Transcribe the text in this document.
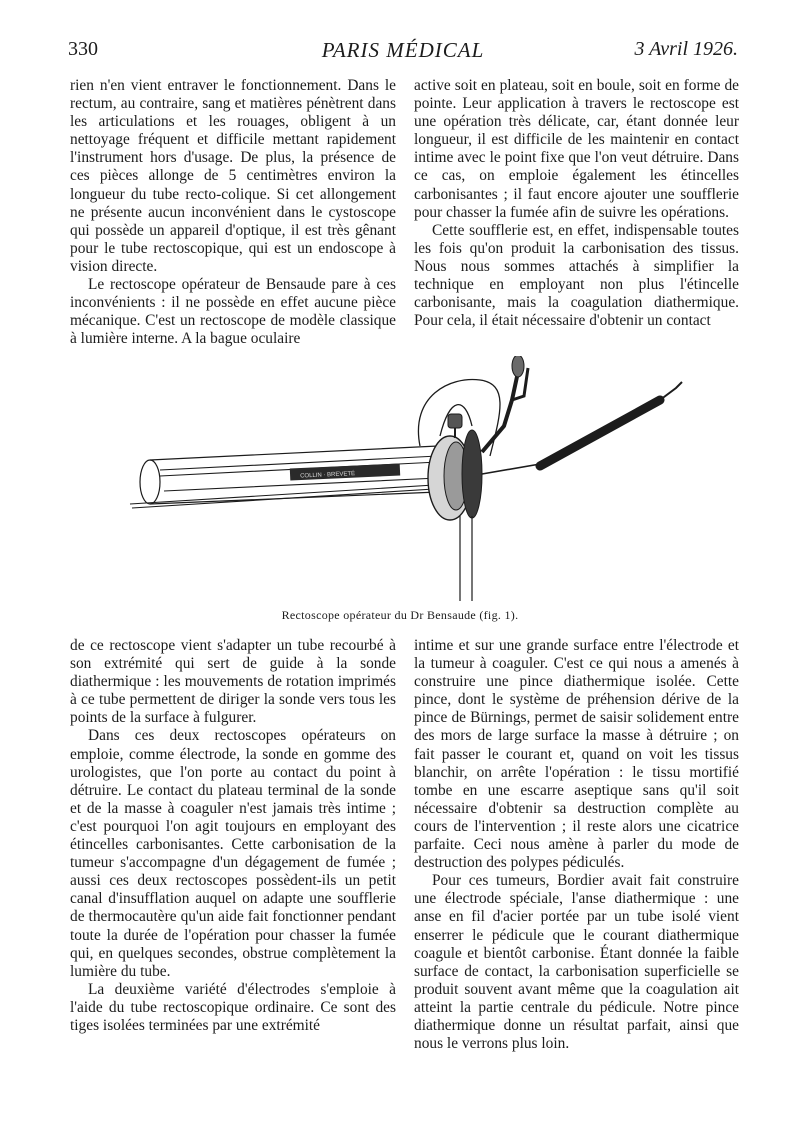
330	PARIS MÉDICAL	3 Avril 1926.

rien n'en vient entraver le fonctionnement. Dans le rectum, au contraire, sang et matières pénètrent dans les articulations et les rouages, obligent à un nettoyage fréquent et difficile mettant rapidement l'instrument hors d'usage. De plus, la présence de ces pièces allonge de 5 centimètres environ la longueur du tube recto-colique. Si cet allongement ne présente aucun inconvénient dans le cystoscope qui possède un appareil d'optique, il est très gênant pour le tube rectoscopique, qui est un endoscope à vision directe.

Le rectoscope opérateur de Bensaude pare à ces inconvénients : il ne possède en effet aucune pièce mécanique. C'est un rectoscope de modèle classique à lumière interne. A la bague oculaire

active soit en plateau, soit en boule, soit en forme de pointe. Leur application à travers le rectoscope est une opération très délicate, car, étant donnée leur longueur, il est difficile de les maintenir en contact intime avec le point fixe que l'on veut détruire. Dans ce cas, on emploie également les étincelles carbonisantes ; il faut encore ajouter une soufflerie pour chasser la fumée afin de suivre les opérations.

Cette soufflerie est, en effet, indispensable toutes les fois qu'on produit la carbonisation des tissus. Nous nous sommes attachés à simplifier la technique en employant non plus l'étincelle carbonisante, mais la coagulation diathermique. Pour cela, il était nécessaire d'obtenir un contact

COLLIN · BREVETÉ
Rectoscope opérateur du Dr Bensaude (fig. 1).

de ce rectoscope vient s'adapter un tube recourbé à son extrémité qui sert de guide à la sonde diathermique : les mouvements de rotation imprimés à ce tube permettent de diriger la sonde vers tous les points de la surface à fulgurer.

Dans ces deux rectoscopes opérateurs on emploie, comme électrode, la sonde en gomme des urologistes, que l'on porte au contact du point à détruire. Le contact du plateau terminal de la sonde et de la masse à coaguler n'est jamais très intime ; c'est pourquoi l'on agit toujours en employant des étincelles carbonisantes. Cette carbonisation de la tumeur s'accompagne d'un dégagement de fumée ; aussi ces deux rectoscopes possèdent-ils un petit canal d'insufflation auquel on adapte une soufflerie de thermocautère qu'un aide fait fonctionner pendant toute la durée de l'opération pour chasser la fumée qui, en quelques secondes, obstrue complètement la lumière du tube.

La deuxième variété d'électrodes s'emploie à l'aide du tube rectoscopique ordinaire. Ce sont des tiges isolées terminées par une extrémité

intime et sur une grande surface entre l'électrode et la tumeur à coaguler. C'est ce qui nous a amenés à construire une pince diathermique isolée. Cette pince, dont le système de préhension dérive de la pince de Bürnings, permet de saisir solidement entre des mors de large surface la masse à détruire ; on fait passer le courant et, quand on voit les tissus blanchir, on arrête l'opération : le tissu mortifié tombe en une escarre aseptique sans qu'il soit nécessaire d'obtenir sa destruction complète au cours de l'intervention ; il reste alors une cicatrice parfaite. Ceci nous amène à parler du mode de destruction des polypes pédiculés.

Pour ces tumeurs, Bordier avait fait construire une électrode spéciale, l'anse diathermique : une anse en fil d'acier portée par un tube isolé vient enserrer le pédicule que le courant diathermique coagule et bientôt carbonise. Étant donnée la faible surface de contact, la carbonisation superficielle se produit souvent avant même que la coagulation ait atteint la partie centrale du pédicule. Notre pince diathermique donne un résultat parfait, ainsi que nous le verrons plus loin.
